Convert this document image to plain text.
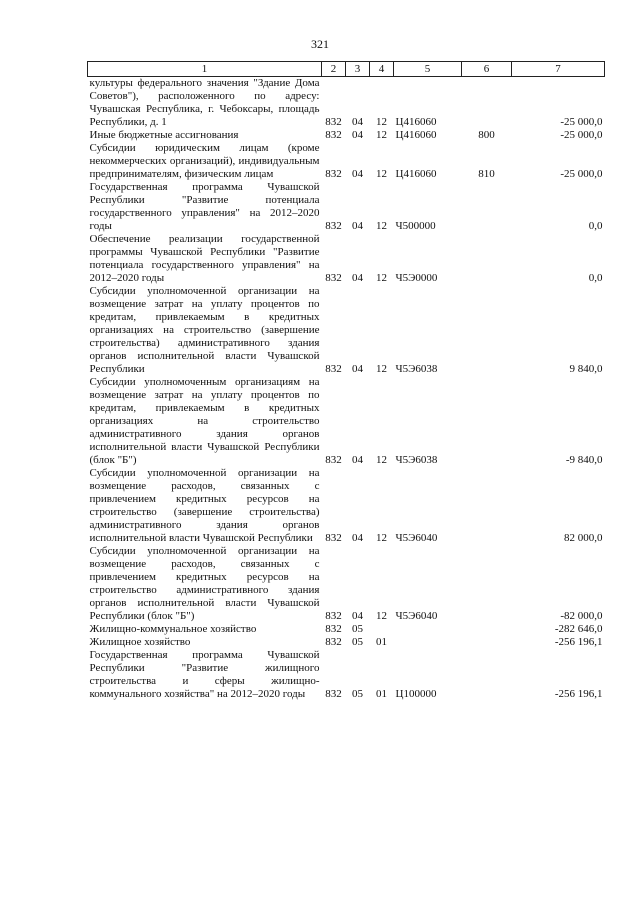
321
1	2	3	4	5	6	7
культуры федерального значения "Здание Дома Советов"), расположенного по адресу: Чувашская Республика, г. Чебоксары, площадь Республики, д. 1	832	04	12	Ц416060		-25 000,0
Иные бюджетные ассигнования	832	04	12	Ц416060	800	-25 000,0
Субсидии юридическим лицам (кроме некоммерческих организаций), индивидуальным предпринимателям, физическим лицам	832	04	12	Ц416060	810	-25 000,0
Государственная программа Чувашской Республики "Развитие потенциала государственного управления" на 2012–2020 годы	832	04	12	Ч500000		0,0
Обеспечение реализации государственной программы Чувашской Республики "Развитие потенциала государственного управления" на 2012–2020 годы	832	04	12	Ч5Э0000		0,0
Субсидии уполномоченной организации на возмещение затрат на уплату процентов по кредитам, привлекаемым в кредитных организациях на строительство (завершение строительства) административного здания органов исполнительной власти Чувашской Республики	832	04	12	Ч5Э6038		9 840,0
Субсидии уполномоченным организациям на возмещение затрат на уплату процентов по кредитам, привлекаемым в кредитных организациях на строительство административного здания органов исполнительной власти Чувашской Республики (блок "Б")	832	04	12	Ч5Э6038		-9 840,0
Субсидии уполномоченной организации на возмещение расходов, связанных с привлечением кредитных ресурсов на строительство (завершение строительства) административного здания органов исполнительной власти Чувашской Республики	832	04	12	Ч5Э6040		82 000,0
Субсидии уполномоченной организации на возмещение расходов, связанных с привлечением кредитных ресурсов на строительство административного здания органов исполнительной власти Чувашской Республики (блок "Б")	832	04	12	Ч5Э6040		-82 000,0
Жилищно-коммунальное хозяйство	832	05				-282 646,0
Жилищное хозяйство	832	05	01			-256 196,1
Государственная программа Чувашской Республики "Развитие жилищного строительства и сферы жилищно-коммунального хозяйства" на 2012–2020 годы	832	05	01	Ц100000		-256 196,1
